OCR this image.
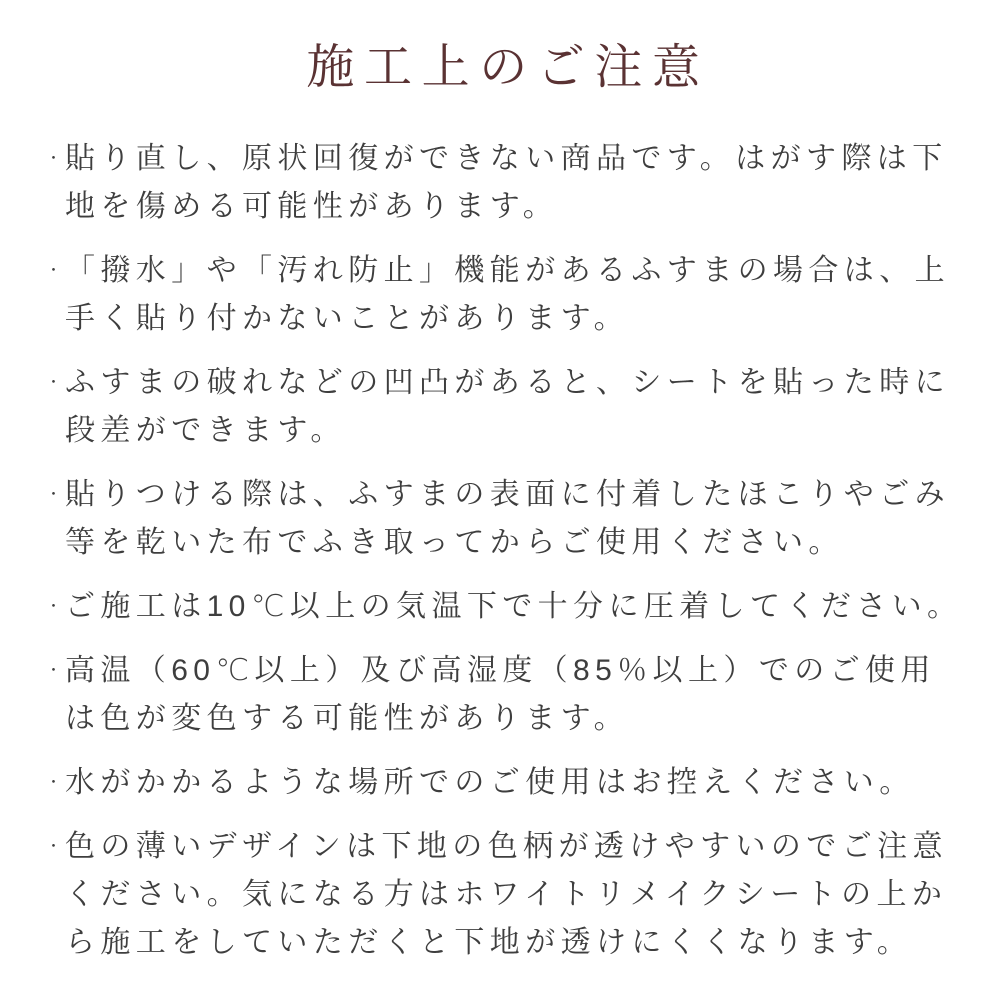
施工上のご注意
・ 貼り直し、原状回復ができない商品です。はがす際は下地を傷める可能性があります。

・ 「撥水」や「汚れ防止」機能があるふすまの場合は、上手く貼り付かないことがあります。

・ ふすまの破れなどの凹凸があると、シートを貼った時に段差ができます。

・ 貼りつける際は、ふすまの表面に付着したほこりやごみ等を乾いた布でふき取ってからご使用ください。

・ ご施工は10℃以上の気温下で十分に圧着してください。

・ 高温（60℃以上）及び高湿度（85％以上）でのご使用は色が変色する可能性があります。

・ 水がかかるような場所でのご使用はお控えください。

・ 色の薄いデザインは下地の色柄が透けやすいのでご注意ください。気になる方はホワイトリメイクシートの上から施工をしていただくと下地が透けにくくなります。
